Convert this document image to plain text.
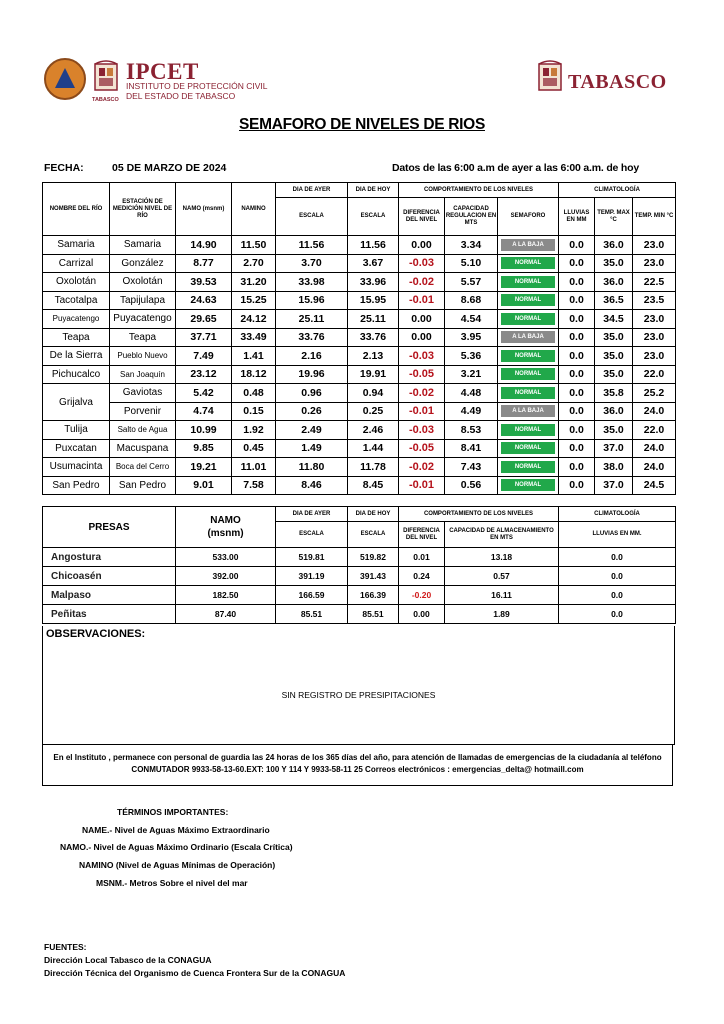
TABASCO
IPCET
INSTITUTO DE PROTECCIÓN CIVIL
DEL ESTADO DE TABASCO
TABASCO
SEMAFORO DE NIVELES DE RIOS
FECHA:	05 DE MARZO DE 2024	Datos de las 6:00 a.m de ayer a las 6:00 a.m. de hoy
NOMBRE DEL RÍO	ESTACIÓN DE MEDICIÓN NIVEL DE RÍO	NAMO (msnm)	NAMINO	DIA DE AYER	DIA DE HOY	COMPORTAMIENTO DE LOS NIVELES			CLIMATOLOGÍA		
				ESCALA	ESCALA	DIFERENCIA DEL NIVEL	CAPACIDAD REGULACION EN MTS	SEMAFORO	LLUVIAS EN MM	TEMP. MAX °C	TEMP. MIN °C
Samaria	Samaria	14.90	11.50	11.56	11.56	0.00	3.34	A LA BAJA	0.0	36.0	23.0
Carrizal	González	8.77	2.70	3.70	3.67	-0.03	5.10	NORMAL	0.0	35.0	23.0
Oxolotán	Oxolotán	39.53	31.20	33.98	33.96	-0.02	5.57	NORMAL	0.0	36.0	22.5
Tacotalpa	Tapijulapa	24.63	15.25	15.96	15.95	-0.01	8.68	NORMAL	0.0	36.5	23.5
Puyacatengo	Puyacatengo	29.65	24.12	25.11	25.11	0.00	4.54	NORMAL	0.0	34.5	23.0
Teapa	Teapa	37.71	33.49	33.76	33.76	0.00	3.95	A LA BAJA	0.0	35.0	23.0
De la Sierra	Pueblo Nuevo	7.49	1.41	2.16	2.13	-0.03	5.36	NORMAL	0.0	35.0	23.0
Pichucalco	San Joaquín	23.12	18.12	19.96	19.91	-0.05	3.21	NORMAL	0.0	35.0	22.0
Grijalva	Gaviotas	5.42	0.48	0.96	0.94	-0.02	4.48	NORMAL	0.0	35.8	25.2
	Porvenir	4.74	0.15	0.26	0.25	-0.01	4.49	A LA BAJA	0.0	36.0	24.0
Tulija	Salto de Agua	10.99	1.92	2.49	2.46	-0.03	8.53	NORMAL	0.0	35.0	22.0
Puxcatan	Macuspana	9.85	0.45	1.49	1.44	-0.05	8.41	NORMAL	0.0	37.0	24.0
Usumacinta	Boca del Cerro	19.21	11.01	11.80	11.78	-0.02	7.43	NORMAL	0.0	38.0	24.0
San Pedro	San Pedro	9.01	7.58	8.46	8.45	-0.01	0.56	NORMAL	0.0	37.0	24.5
PRESAS	NAMO
(msnm)	DIA DE AYER	DIA DE HOY	COMPORTAMIENTO DE LOS NIVELES		CLIMATOLOGÍA
		ESCALA	ESCALA	DIFERENCIA DEL NIVEL	CAPACIDAD DE ALMACENAMIENTO EN MTS	LLUVIAS EN MM.
Angostura	533.00	519.81	519.82	0.01	13.18	0.0
Chicoasén	392.00	391.19	391.43	0.24	0.57	0.0
Malpaso	182.50	166.59	166.39	-0.20	16.11	0.0
Peñitas	87.40	85.51	85.51	0.00	1.89	0.0
OBSERVACIONES:
SIN REGISTRO DE PRESIPITACIONES
En el Instituto , permanece con personal de guardia las 24 horas de los 365 días del año, para atención de llamadas de emergencias de la ciudadanía al teléfono
CONMUTADOR 9933-58-13-60.EXT: 100 Y 114 Y 9933-58-11 25 Correos electrónicos : emergencias_delta@ hotmaill.com
TÉRMINOS IMPORTANTES:
NAME.- Nivel de Aguas Máximo Extraordinario
NAMO.- Nivel de Aguas Máximo Ordinario (Escala Crítica)
NAMINO (Nivel de Aguas Mínimas de Operación)
MSNM.- Metros Sobre el nivel del mar
FUENTES:
Dirección Local Tabasco de la CONAGUA
Dirección Técnica del Organismo de Cuenca Frontera Sur de la CONAGUA
